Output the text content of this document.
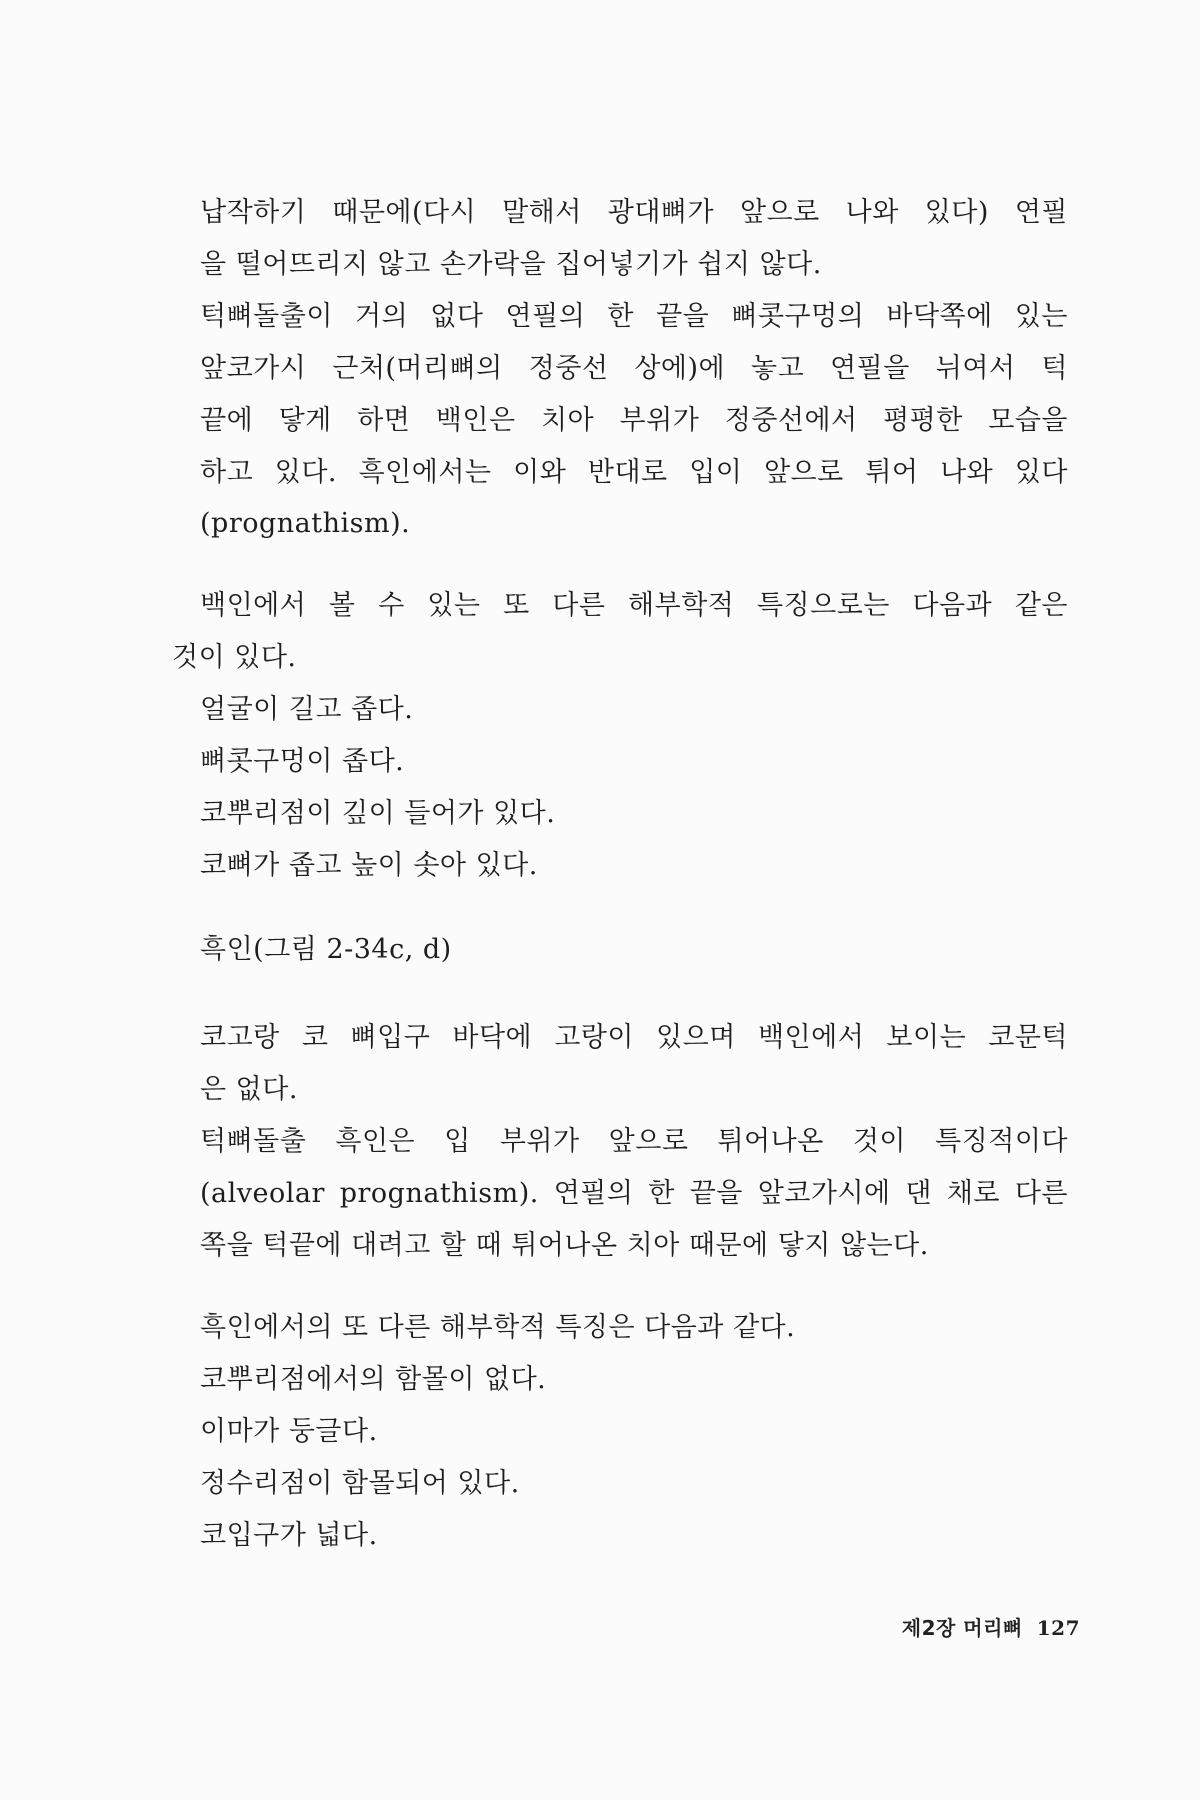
납작하기 때문에(다시 말해서 광대뼈가 앞으로 나와 있다) 연필
을 떨어뜨리지 않고 손가락을 집어넣기가 쉽지 않다.
턱뼈돌출이 거의 없다 연필의 한 끝을 뼈콧구멍의 바닥쪽에 있는
앞코가시 근처(머리뼈의 정중선 상에)에 놓고 연필을 뉘여서 턱
끝에 닿게 하면 백인은 치아 부위가 정중선에서 평평한 모습을
하고 있다. 흑인에서는 이와 반대로 입이 앞으로 튀어 나와 있다
(prognathism).
백인에서 볼 수 있는 또 다른 해부학적 특징으로는 다음과 같은
것이 있다.
얼굴이 길고 좁다.
뼈콧구멍이 좁다.
코뿌리점이 깊이 들어가 있다.
코뼈가 좁고 높이 솟아 있다.
흑인(그림 2-34c, d)
코고랑 코 뼈입구 바닥에 고랑이 있으며 백인에서 보이는 코문턱
은 없다.
턱뼈돌출 흑인은 입 부위가 앞으로 튀어나온 것이 특징적이다
(alveolar prognathism). 연필의 한 끝을 앞코가시에 댄 채로 다른
쪽을 턱끝에 대려고 할 때 튀어나온 치아 때문에 닿지 않는다.
흑인에서의 또 다른 해부학적 특징은 다음과 같다.
코뿌리점에서의 함몰이 없다.
이마가 둥글다.
정수리점이 함몰되어 있다.
코입구가 넓다.
제2장 머리뼈 127
